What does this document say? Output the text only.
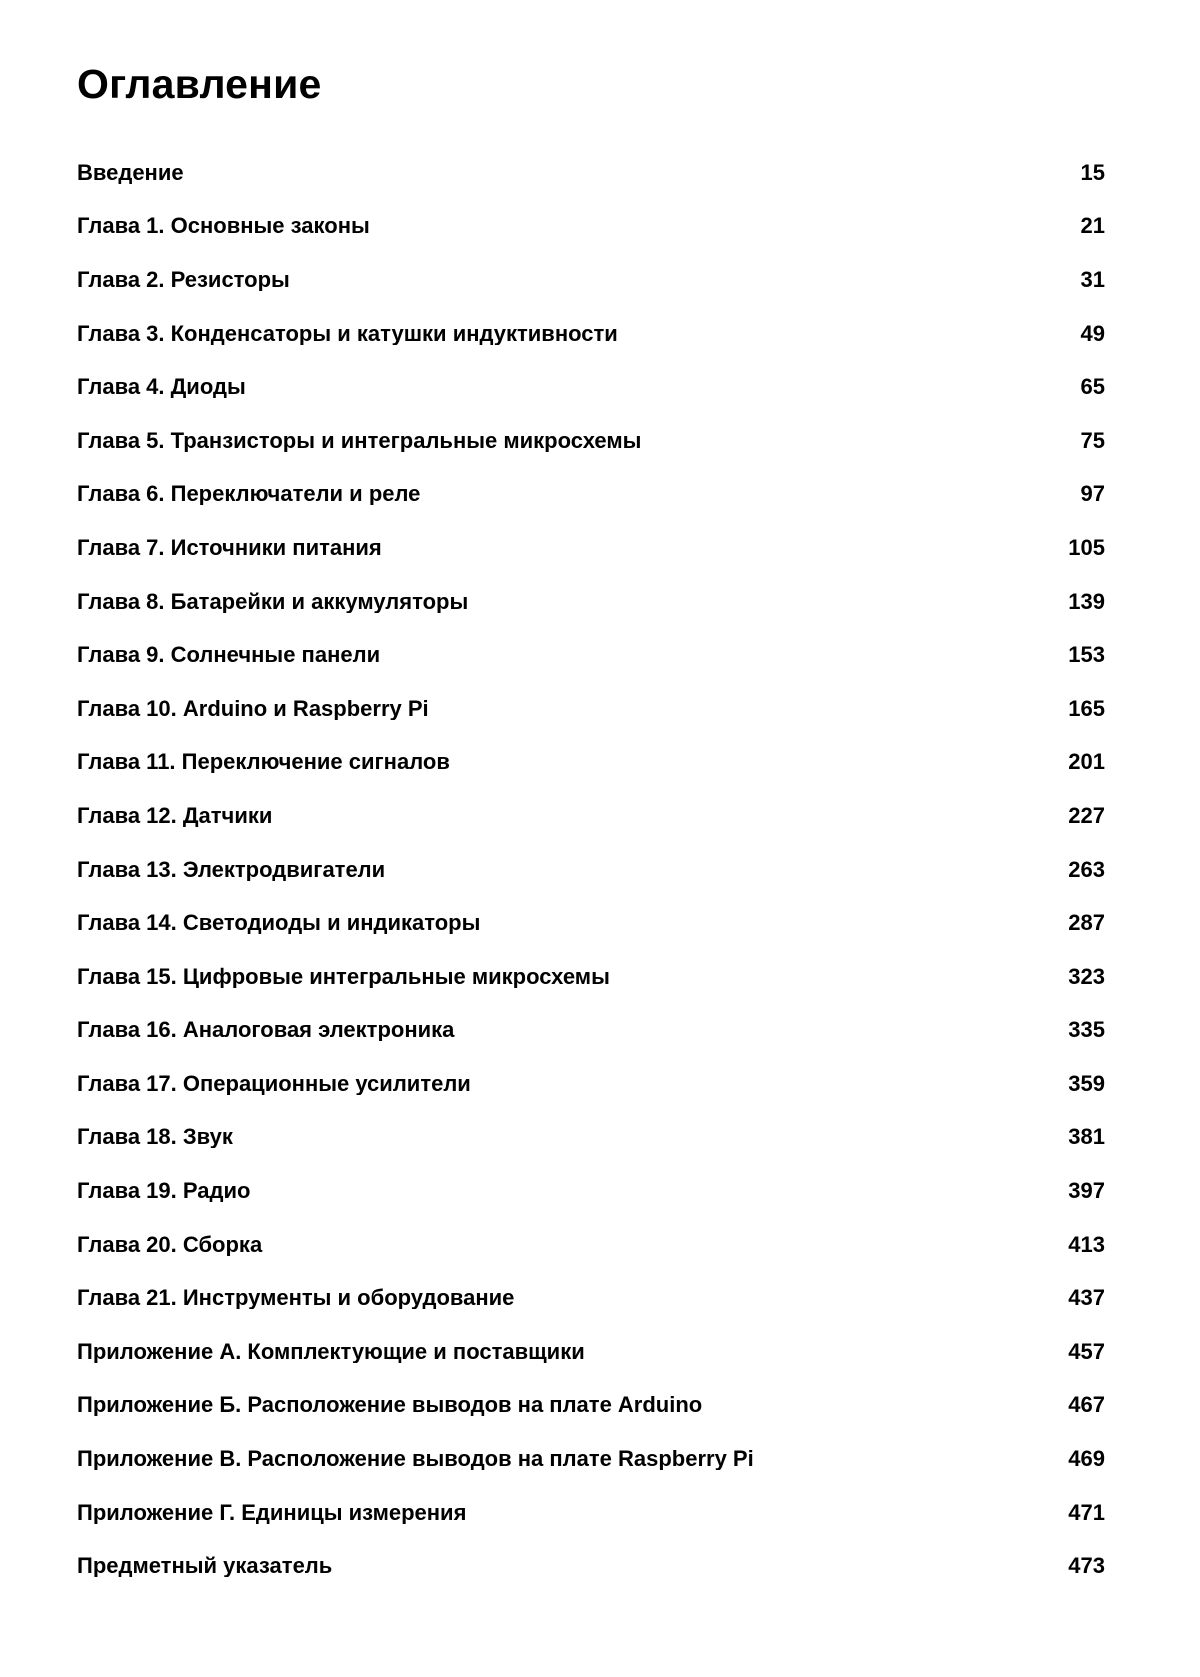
Оглавление
Введение	15
Глава 1. Основные законы	21
Глава 2. Резисторы	31
Глава 3. Конденсаторы и катушки индуктивности	49
Глава 4. Диоды	65
Глава 5. Транзисторы и интегральные микросхемы	75
Глава 6. Переключатели и реле	97
Глава 7. Источники питания	105
Глава 8. Батарейки и аккумуляторы	139
Глава 9. Солнечные панели	153
Глава 10. Arduino и Raspberry Pi	165
Глава 11. Переключение сигналов	201
Глава 12. Датчики	227
Глава 13. Электродвигатели	263
Глава 14. Светодиоды и индикаторы	287
Глава 15. Цифровые интегральные микросхемы	323
Глава 16. Аналоговая электроника	335
Глава 17. Операционные усилители	359
Глава 18. Звук	381
Глава 19. Радио	397
Глава 20. Сборка	413
Глава 21. Инструменты и оборудование	437
Приложение А. Комплектующие и поставщики	457
Приложение Б. Расположение выводов на плате Arduino	467
Приложение В. Расположение выводов на плате Raspberry Pi	469
Приложение Г. Единицы измерения	471
Предметный указатель	473
